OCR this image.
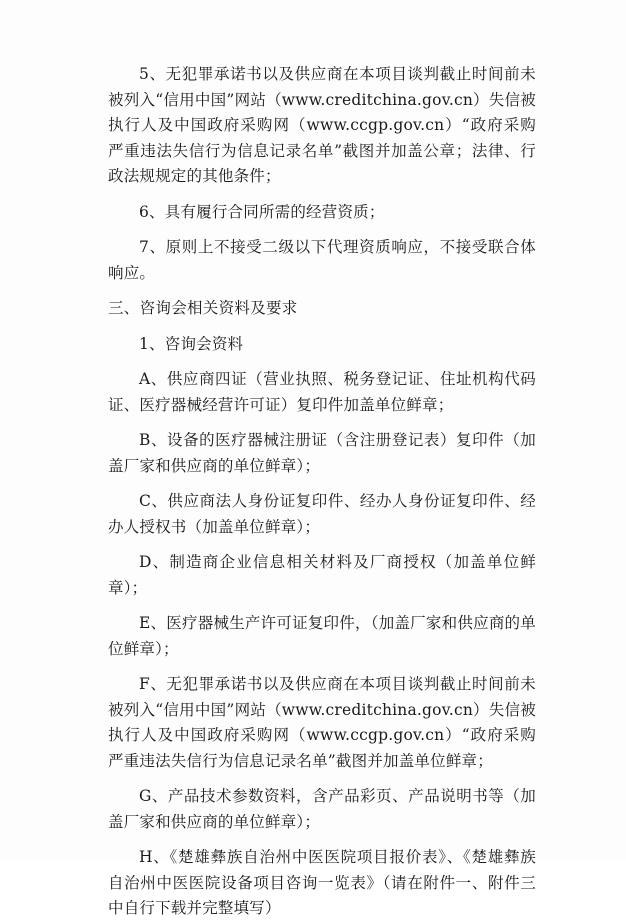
5、无犯罪承诺书以及供应商在本项目谈判截止时间前未被列入“信用中国”网站（www.creditchina.gov.cn）失信被执行人及中国政府采购网（www.ccgp.gov.cn）“政府采购严重违法失信行为信息记录名单”截图并加盖公章；法律、行政法规规定的其他条件；

6、具有履行合同所需的经营资质；

7、原则上不接受二级以下代理资质响应，不接受联合体响应。

三、咨询会相关资料及要求

1、咨询会资料

A、供应商四证（营业执照、税务登记证、住址机构代码证、医疗器械经营许可证）复印件加盖单位鲜章；

B、设备的医疗器械注册证（含注册登记表）复印件（加盖厂家和供应商的单位鲜章）；

C、供应商法人身份证复印件、经办人身份证复印件、经办人授权书（加盖单位鲜章）；

D、制造商企业信息相关材料及厂商授权（加盖单位鲜章）；

E、医疗器械生产许可证复印件，（加盖厂家和供应商的单位鲜章）；

F、无犯罪承诺书以及供应商在本项目谈判截止时间前未被列入“信用中国”网站（www.creditchina.gov.cn）失信被执行人及中国政府采购网（www.ccgp.gov.cn）“政府采购严重违法失信行为信息记录名单”截图并加盖单位鲜章；

G、产品技术参数资料，含产品彩页、产品说明书等（加盖厂家和供应商的单位鲜章）；

H、《楚雄彝族自治州中医医院项目报价表》、《楚雄彝族自治州中医医院设备项目咨询一览表》（请在附件一、附件三中自行下载并完整填写）
